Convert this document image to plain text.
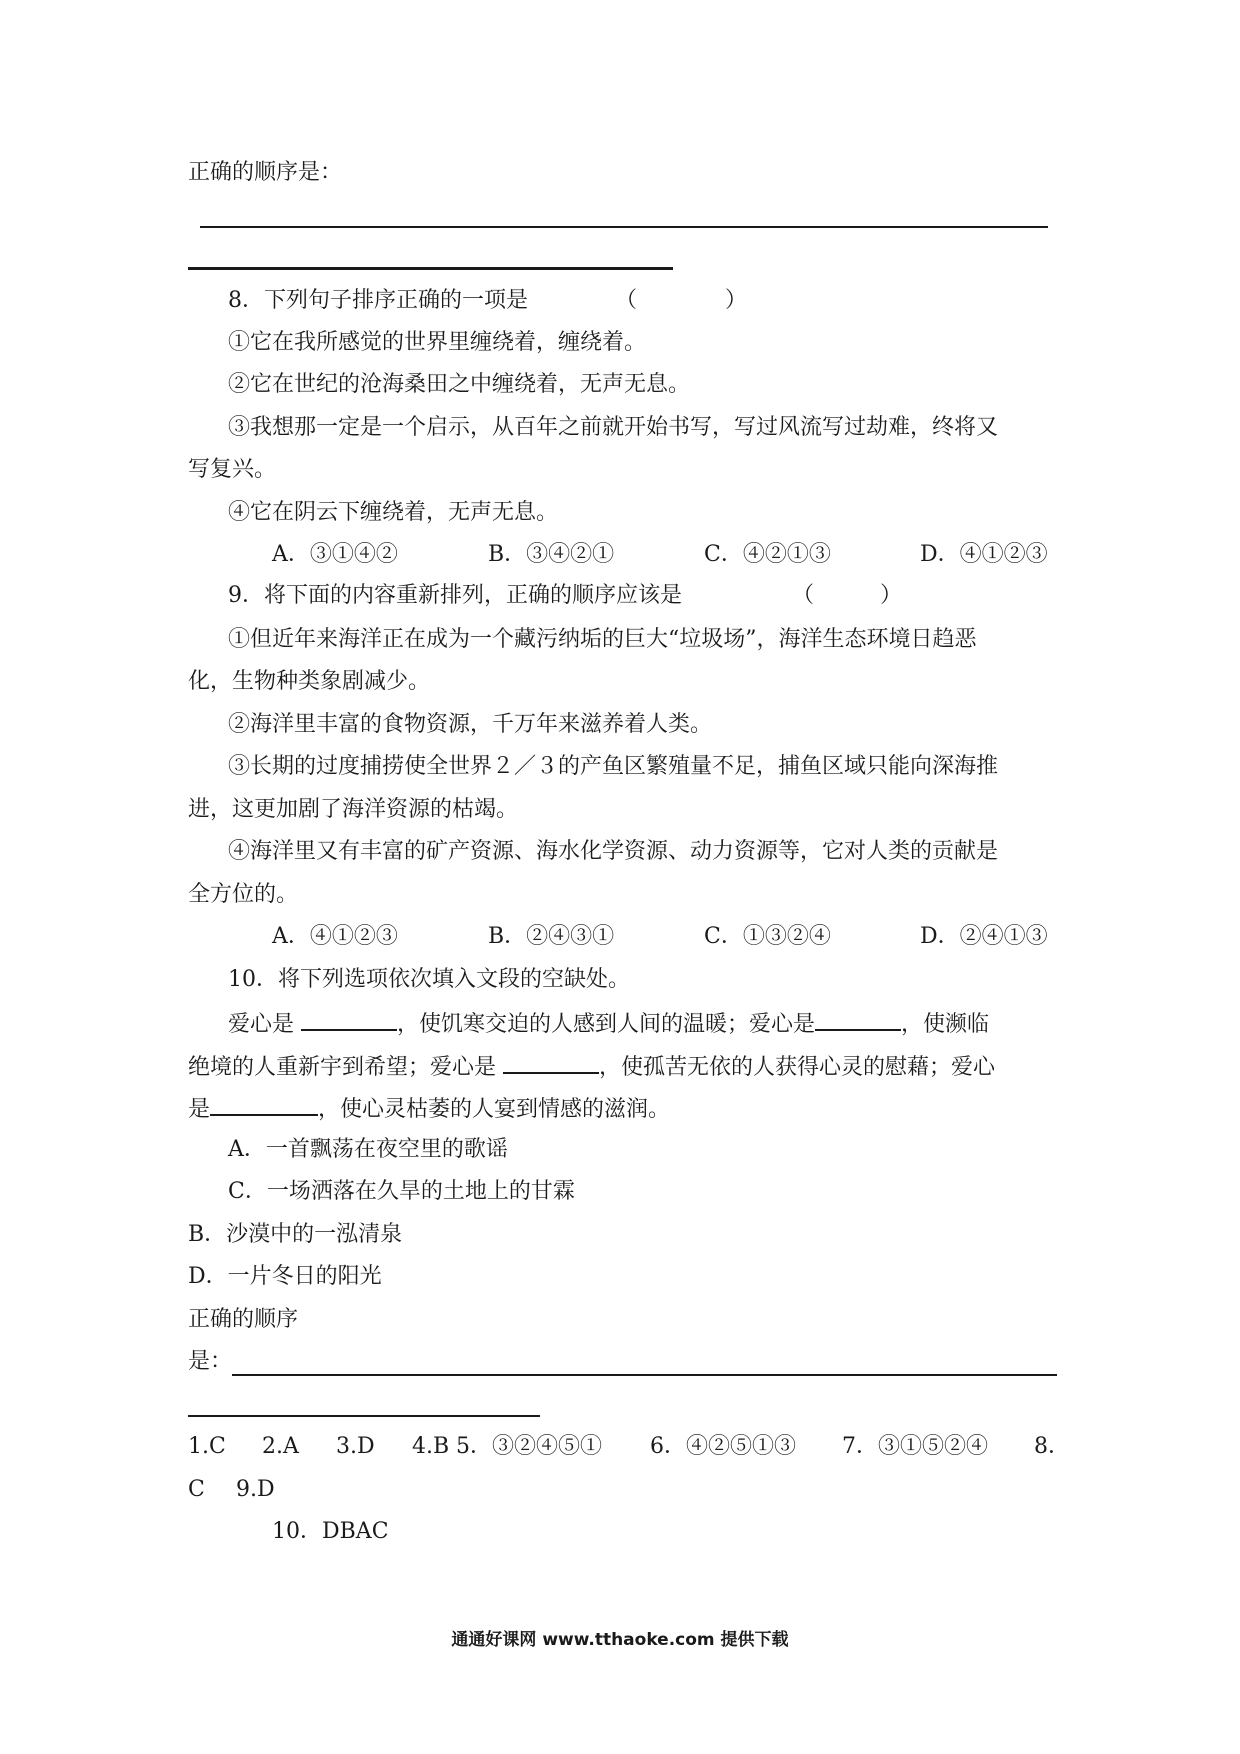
正确的顺序是：
8．下列句子排序正确的一项是	（　　　　）
①它在我所感觉的世界里缠绕着，缠绕着。
②它在世纪的沧海桑田之中缠绕着，无声无息。
③我想那一定是一个启示，从百年之前就开始书写，写过风流写过劫难，终将又
写复兴。
④它在阴云下缠绕着，无声无息。
A．③①④②	B．③④②①	C．④②①③	D．④①②③
9．将下面的内容重新排列，正确的顺序应该是	（　　　）
①但近年来海洋正在成为一个藏污纳垢的巨大“垃圾场”，海洋生态环境日趋恶
化，生物种类象剧减少。
②海洋里丰富的食物资源，千万年来滋养着人类。
③长期的过度捕捞使全世界２／３的产鱼区繁殖量不足，捕鱼区域只能向深海推
进，这更加剧了海洋资源的枯竭。
④海洋里又有丰富的矿产资源、海水化学资源、动力资源等，它对人类的贡献是
全方位的。
A．④①②③	B．②④③①	C．①③②④	D．②④①③
10．将下列选项依次填入文段的空缺处。
爱心是	，使饥寒交迫的人感到人间的温暖；爱心是	，使濒临
绝境的人重新宇到希望；爱心是	，使孤苦无依的人获得心灵的慰藉；爱心
是	，使心灵枯萎的人宴到情感的滋润。
A．一首飘荡在夜空里的歌谣
C．一场洒落在久旱的土地上的甘霖
B．沙漠中的一泓清泉
D．一片冬日的阳光
正确的顺序
是：
1.C 2.A 3.D 4.B 5．③②④⑤① 6．④②⑤①③ 7．③①⑤②④ 8．
C 9.D
10．DBAC
通通好课网 www.tthaoke.com 提供下载
